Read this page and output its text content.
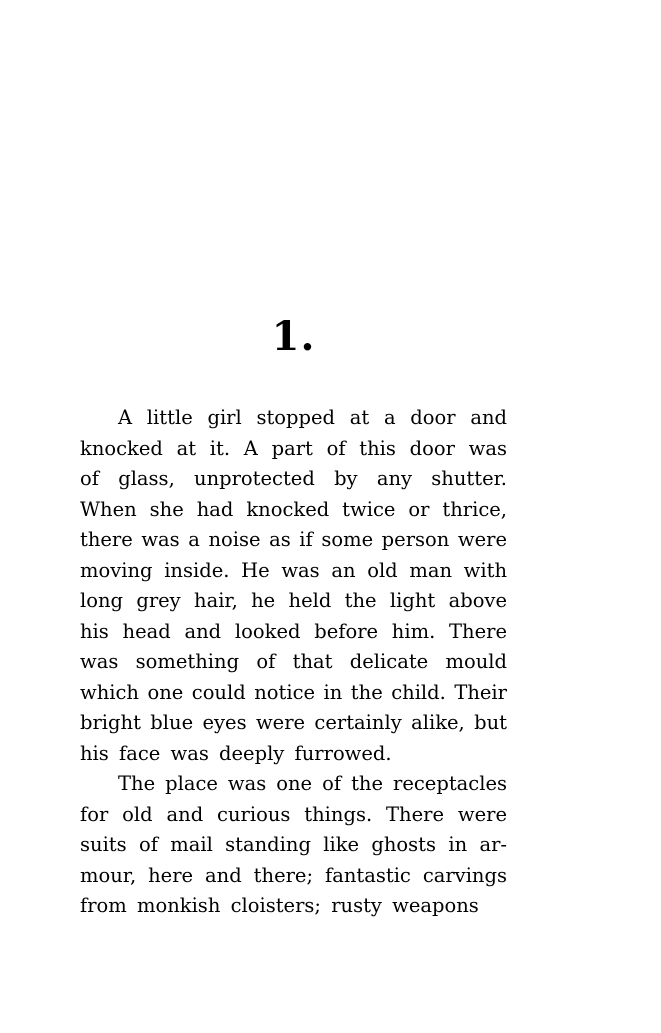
1.
A little girl stopped at a door and
knocked at it. A part of this door was
of glass, unprotected by any shutter.
When she had knocked twice or thrice,
there was a noise as if some person were
moving inside. He was an old man with
long grey hair, he held the light above
his head and looked before him. There
was something of that delicate mould
which one could notice in the child. Their
bright blue eyes were certainly alike, but
his face was deeply furrowed.
The place was one of the receptacles
for old and curious things. There were
suits of mail standing like ghosts in ar-
mour, here and there; fantastic carvings
from monkish cloisters; rusty weapons
